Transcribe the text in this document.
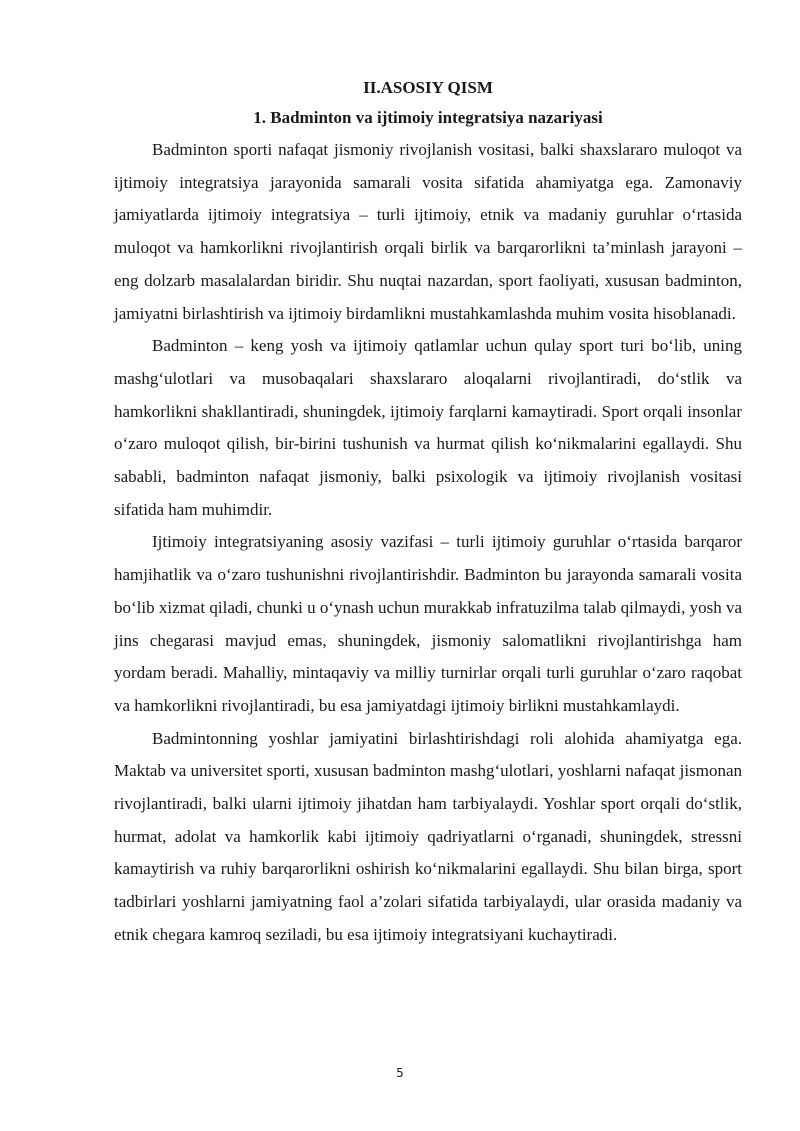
II.ASOSIY QISM
1. Badminton va ijtimoiy integratsiya nazariyasi

Badminton sporti nafaqat jismoniy rivojlanish vositasi, balki shaxslararo muloqot va ijtimoiy integratsiya jarayonida samarali vosita sifatida ahamiyatga ega. Zamonaviy jamiyatlarda ijtimoiy integratsiya – turli ijtimoiy, etnik va madaniy guruhlar o‘rtasida muloqot va hamkorlikni rivojlantirish orqali birlik va barqarorlikni ta’minlash jarayoni – eng dolzarb masalalardan biridir. Shu nuqtai nazardan, sport faoliyati, xususan badminton, jamiyatni birlashtirish va ijtimoiy birdamlikni mustahkamlashda muhim vosita hisoblanadi.

Badminton – keng yosh va ijtimoiy qatlamlar uchun qulay sport turi bo‘lib, uning mashg‘ulotlari va musobaqalari shaxslararo aloqalarni rivojlantiradi, do‘stlik va hamkorlikni shakllantiradi, shuningdek, ijtimoiy farqlarni kamaytiradi. Sport orqali insonlar o‘zaro muloqot qilish, bir-birini tushunish va hurmat qilish ko‘nikmalarini egallaydi. Shu sababli, badminton nafaqat jismoniy, balki psixologik va ijtimoiy rivojlanish vositasi sifatida ham muhimdir.

Ijtimoiy integratsiyaning asosiy vazifasi – turli ijtimoiy guruhlar o‘rtasida barqaror hamjihatlik va o‘zaro tushunishni rivojlantirishdir. Badminton bu jarayonda samarali vosita bo‘lib xizmat qiladi, chunki u o‘ynash uchun murakkab infratuzilma talab qilmaydi, yosh va jins chegarasi mavjud emas, shuningdek, jismoniy salomatlikni rivojlantirishga ham yordam beradi. Mahalliy, mintaqaviy va milliy turnirlar orqali turli guruhlar o‘zaro raqobat va hamkorlikni rivojlantiradi, bu esa jamiyatdagi ijtimoiy birlikni mustahkamlaydi.

Badmintonning yoshlar jamiyatini birlashtirishdagi roli alohida ahamiyatga ega. Maktab va universitet sporti, xususan badminton mashg‘ulotlari, yoshlarni nafaqat jismonan rivojlantiradi, balki ularni ijtimoiy jihatdan ham tarbiyalaydi. Yoshlar sport orqali do‘stlik, hurmat, adolat va hamkorlik kabi ijtimoiy qadriyatlarni o‘rganadi, shuningdek, stressni kamaytirish va ruhiy barqarorlikni oshirish ko‘nikmalarini egallaydi. Shu bilan birga, sport tadbirlari yoshlarni jamiyatning faol a’zolari sifatida tarbiyalaydi, ular orasida madaniy va etnik chegara kamroq seziladi, bu esa ijtimoiy integratsiyani kuchaytiradi.

5
